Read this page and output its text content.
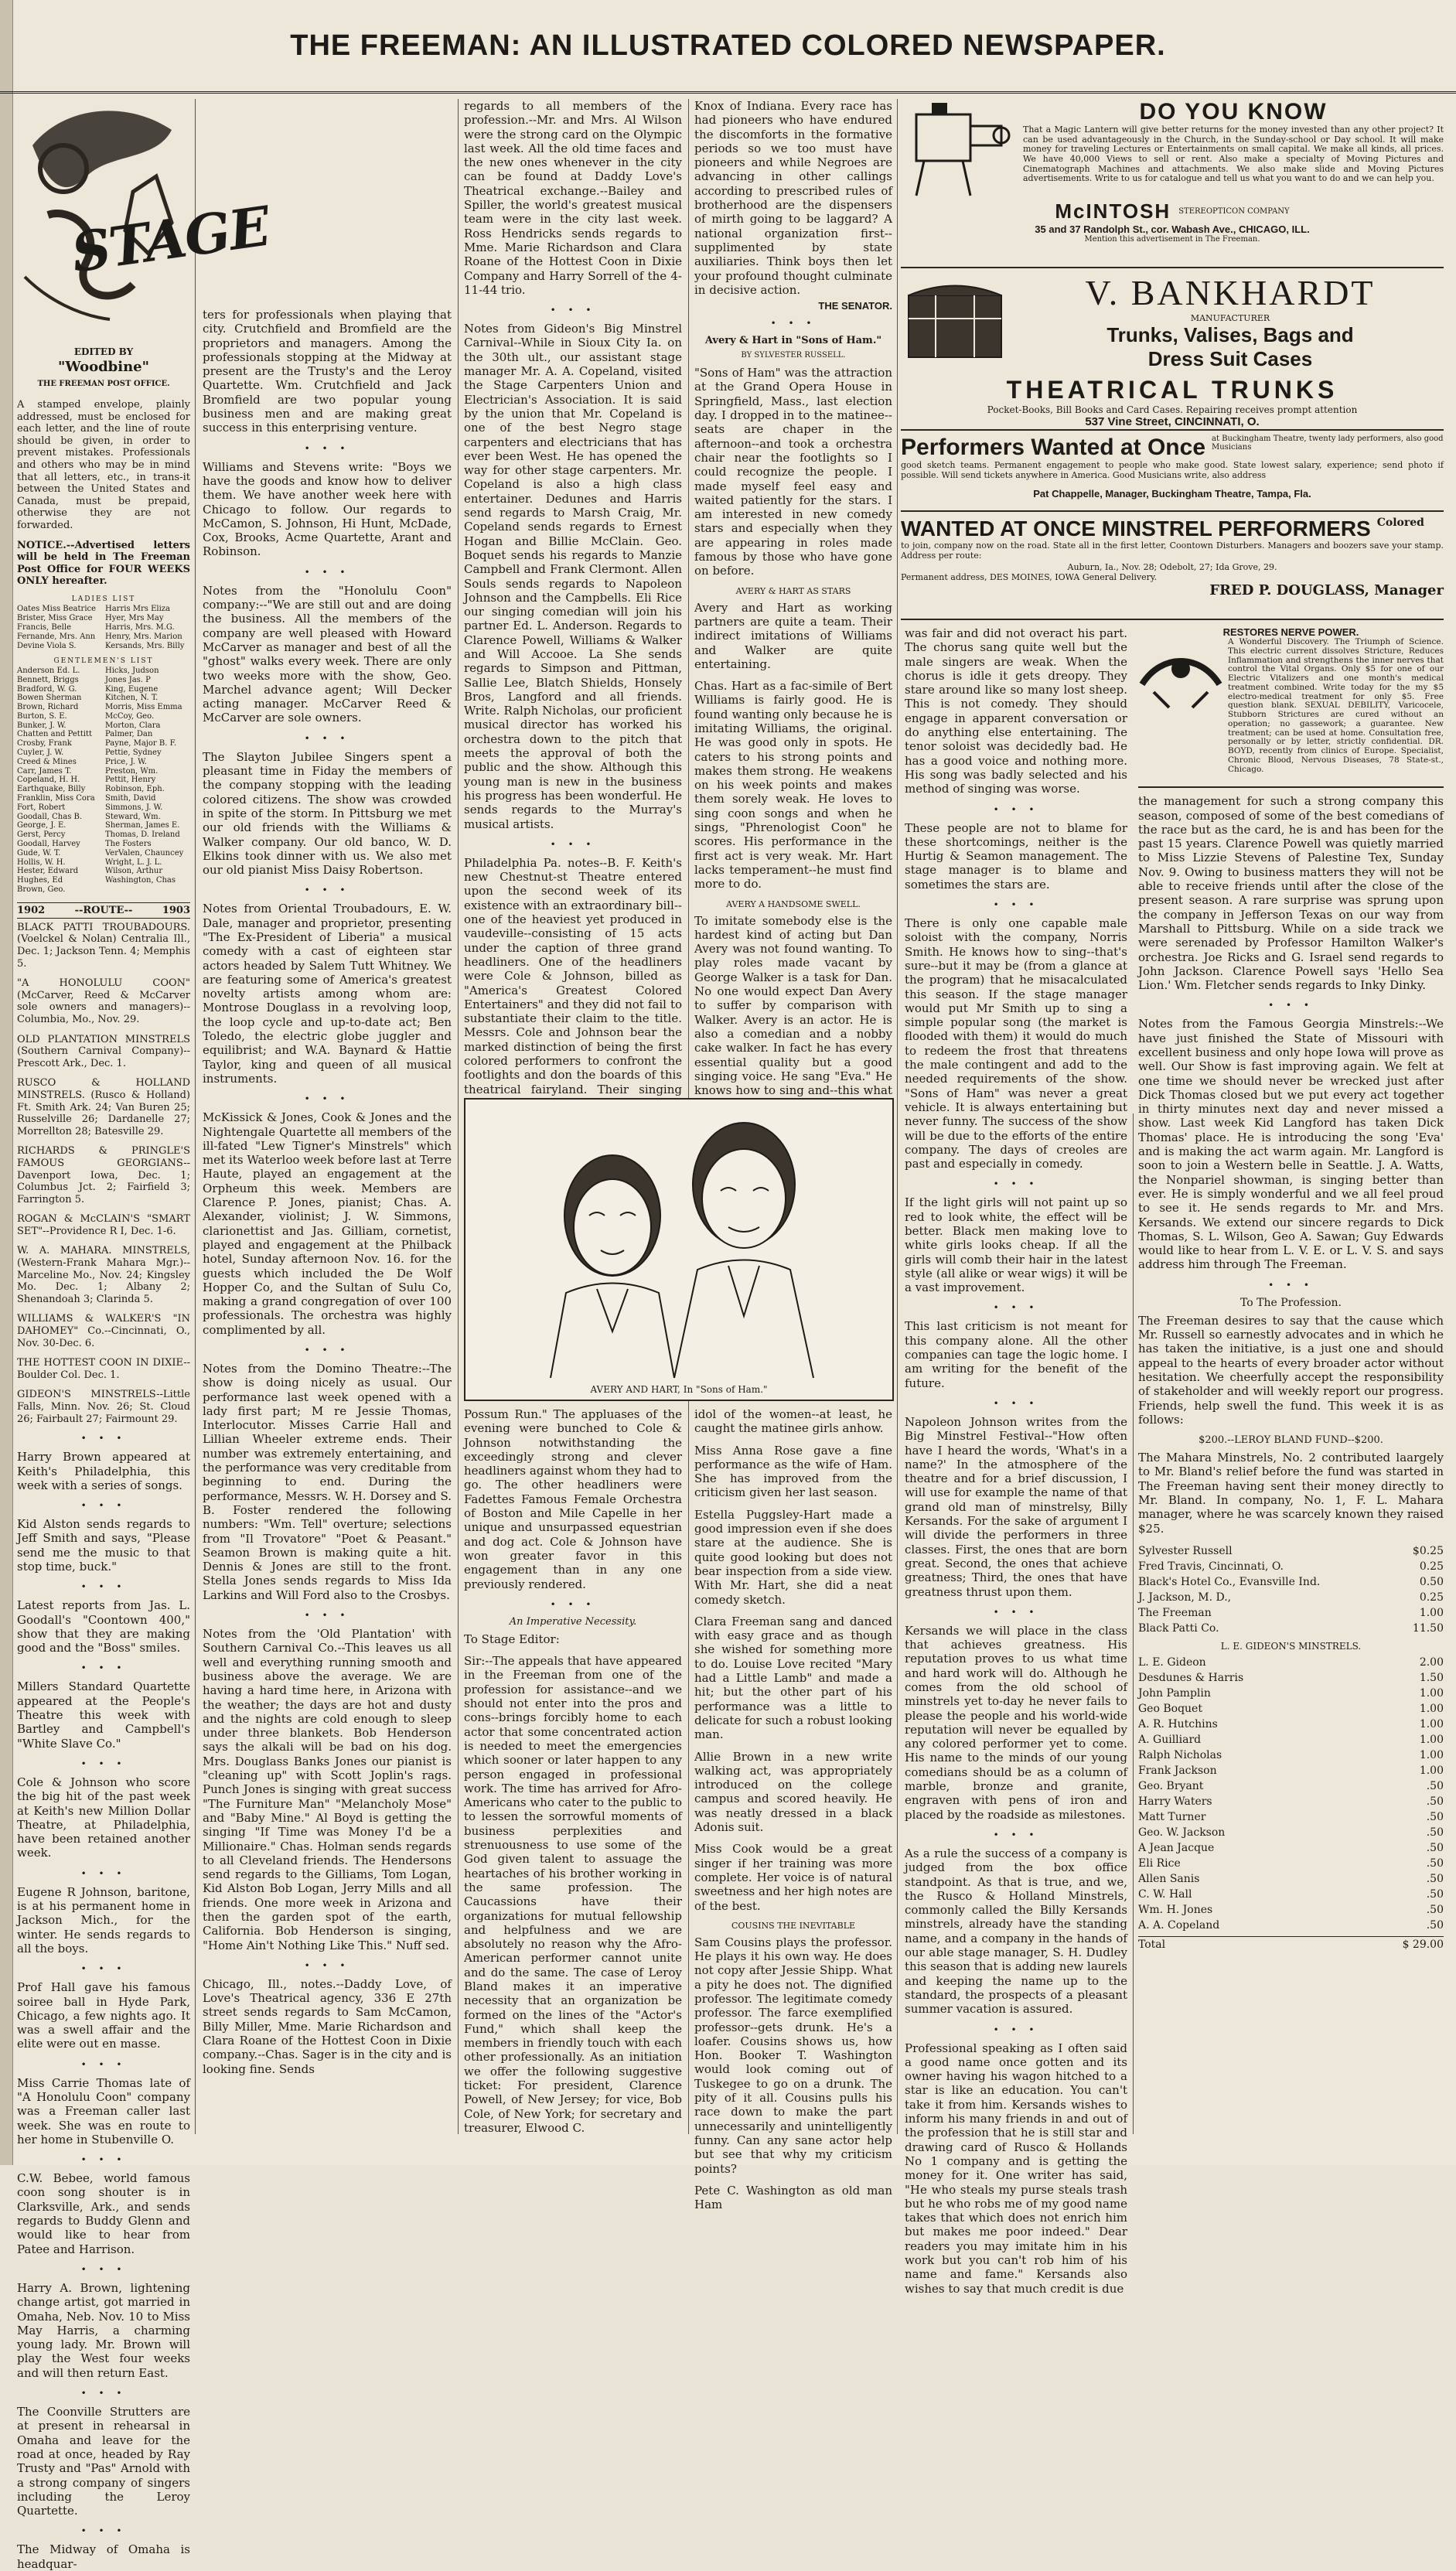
THE FREEMAN: AN ILLUSTRATED COLORED NEWSPAPER.
STAGE
EDITED BY
"Woodbine"
THE FREEMAN POST OFFICE.

A stamped envelope, plainly addressed, must be enclosed for each letter, and the line of route should be given, in order to prevent mistakes. Professionals and others who may be in mind that all letters, etc., in trans-it between the United States and Canada, must be prepaid, otherwise they are not forwarded.

NOTICE.--Advertised letters will be held in The Freeman Post Office for FOUR WEEKS ONLY hereafter.

LADIES LIST
Oates Miss Beatrice
Brister, Miss Grace
Francis, Belle
Fernande, Mrs. Ann
Devine Viola S.
Harris Mrs Eliza
Hyer, Mrs May
Harris, Mrs. M.G.
Henry, Mrs. Marion
Kersands, Mrs. Billy
GENTLEMEN'S LIST
Anderson Ed. L.
Bennett, Briggs
Bradford, W. G.
Bowen Sherman
Brown, Richard
Burton, S. E.
Bunker, J. W.
Chatten and Pettitt
Crosby, Frank
Cuyler, J. W.
Creed & Mines
Carr, James T.
Copeland, H. H.
Earthquake, Billy
Franklin, Miss Cora
Fort, Robert
Goodall, Chas B.
George, J. E.
Gerst, Percy
Goodall, Harvey
Gude, W. T.
Hollis, W. H.
Hester, Edward
Hughes, Ed
Brown, Geo.
Hicks, Judson
Jones Jas. P
King, Eugene
Kitchen, N. T.
Morris, Miss Emma
McCoy, Geo.
Morton, Clara
Palmer, Dan
Payne, Major B. F.
Pettie, Sydney
Price, J. W.
Preston, Wm.
Pettit, Henry
Robinson, Eph.
Smith, David
Simmons, J. W.
Steward, Wm.
Sherman, James E.
Thomas, D. Ireland
The Fosters
VerValen, Chauncey
Wright, L. J. L.
Wilson, Arthur
Washington, Chas
1902	--ROUTE--	1903

BLACK PATTI TROUBADOURS. (Voelckel & Nolan) Centralia Ill., Dec. 1; Jackson Tenn. 4; Memphis 5.

"A HONOLULU COON" (McCarver, Reed & McCarver sole owners and managers)--Columbia, Mo., Nov. 29.

OLD PLANTATION MINSTRELS (Southern Carnival Company)--Prescott Ark., Dec. 1.

RUSCO & HOLLAND MINSTRELS. (Rusco & Holland) Ft. Smith Ark. 24; Van Buren 25; Russelville 26; Dardanelle 27; Morrellton 28; Batesville 29.

RICHARDS & PRINGLE'S FAMOUS GEORGIANS--Davenport Iowa, Dec. 1; Columbus Jct. 2; Fairfield 3; Farrington 5.

ROGAN & McCLAIN'S "SMART SET"--Providence R I, Dec. 1-6.

W. A. MAHARA. MINSTRELS, (Western-Frank Mahara Mgr.)--Marceline Mo., Nov. 24; Kingsley Mo. Dec. 1; Albany 2; Shenandoah 3; Clarinda 5.

WILLIAMS & WALKER'S "IN DAHOMEY" Co.--Cincinnati, O., Nov. 30-Dec. 6.

THE HOTTEST COON IN DIXIE--Boulder Col. Dec. 1.

GIDEON'S MINSTRELS--Little Falls, Minn. Nov. 26; St. Cloud 26; Fairbault 27; Fairmount 29.

• • •

Harry Brown appeared at Keith's Philadelphia, this week with a series of songs.

• • •

Kid Alston sends regards to Jeff Smith and says, "Please send me the music to that stop time, buck."

• • •

Latest reports from Jas. L. Goodall's "Coontown 400," show that they are making good and the "Boss" smiles.

• • •

Millers Standard Quartette appeared at the People's Theatre this week with Bartley and Campbell's "White Slave Co."

• • •

Cole & Johnson who score the big hit of the past week at Keith's new Million Dollar Theatre, at Philadelphia, have been retained another week.

• • •

Eugene R Johnson, baritone, is at his permanent home in Jackson Mich., for the winter. He sends regards to all the boys.

• • •

Prof Hall gave his famous soiree ball in Hyde Park, Chicago, a few nights ago. It was a swell affair and the elite were out en masse.

• • •

Miss Carrie Thomas late of "A Honolulu Coon" company was a Freeman caller last week. She was en route to her home in Stubenville O.

• • •

C.W. Bebee, world famous coon song shouter is in Clarksville, Ark., and sends regards to Buddy Glenn and would like to hear from Patee and Harrison.

• • •

Harry A. Brown, lightening change artist, got married in Omaha, Neb. Nov. 10 to Miss May Harris, a charming young lady. Mr. Brown will play the West four weeks and will then return East.

• • •

The Coonville Strutters are at present in rehearsal in Omaha and leave for the road at once, headed by Ray Trusty and "Pas" Arnold with a strong company of singers including the Leroy Quartette.

• • •

The Midway of Omaha is headquar-

ters for professionals when playing that city. Crutchfield and Bromfield are the proprietors and managers. Among the professionals stopping at the Midway at present are the Trusty's and the Leroy Quartette. Wm. Crutchfield and Jack Bromfield are two popular young business men and are making great success in this enterprising venture.

• • •

Williams and Stevens write: "Boys we have the goods and know how to deliver them. We have another week here with Chicago to follow. Our regards to McCamon, S. Johnson, Hi Hunt, McDade, Cox, Brooks, Acme Quartette, Arant and Robinson.

• • •

Notes from the "Honolulu Coon" company:--"We are still out and are doing the business. All the members of the company are well pleased with Howard McCarver as manager and best of all the "ghost" walks every week. There are only two weeks more with the show, Geo. Marchel advance agent; Will Decker acting manager. McCarver Reed & McCarver are sole owners.

• • •

The Slayton Jubilee Singers spent a pleasant time in Fiday the members of the company stopping with the leading colored citizens. The show was crowded in spite of the storm. In Pittsburg we met our old friends with the Williams & Walker company. Our old banco, W. D. Elkins took dinner with us. We also met our old pianist Miss Daisy Robertson.

• • •

Notes from Oriental Troubadours, E. W. Dale, manager and proprietor, presenting "The Ex-President of Liberia" a musical comedy with a cast of eighteen star actors headed by Salem Tutt Whitney. We are featuring some of America's greatest novelty artists among whom are: Montrose Douglass in a revolving loop, the loop cycle and up-to-date act; Ben Toledo, the electric globe juggler and equilibrist; and W.A. Baynard & Hattie Taylor, king and queen of all musical instruments.

• • •

McKissick & Jones, Cook & Jones and the Nightengale Quartette all members of the ill-fated "Lew Tigner's Minstrels" which met its Waterloo week before last at Terre Haute, played an engagement at the Orpheum this week. Members are Clarence P. Jones, pianist; Chas. A. Alexander, violinist; J. W. Simmons, clarionettist and Jas. Gilliam, cornetist, played and engagement at the Philback hotel, Sunday afternoon Nov. 16. for the guests which included the De Wolf Hopper Co, and the Sultan of Sulu Co, making a grand congregation of over 100 professionals. The orchestra was highly complimented by all.

• • •

Notes from the Domino Theatre:--The show is doing nicely as usual. Our performance last week opened with a lady first part; M re Jessie Thomas, Interlocutor. Misses Carrie Hall and Lillian Wheeler extreme ends. Their number was extremely entertaining, and the performance was very creditable from beginning to end. During the performance, Messrs. W. H. Dorsey and S. B. Foster rendered the following numbers: "Wm. Tell" overture; selections from "Il Trovatore" "Poet & Peasant." Seamon Brown is making quite a hit. Dennis & Jones are still to the front. Stella Jones sends regards to Miss Ida Larkins and Will Ford also to the Crosbys.

• • •

Notes from the 'Old Plantation' with Southern Carnival Co.--This leaves us all well and everything running smooth and business above the average. We are having a hard time here, in Arizona with the weather; the days are hot and dusty and the nights are cold enough to sleep under three blankets. Bob Henderson says the alkali will be bad on his dog. Mrs. Douglass Banks Jones our pianist is "cleaning up" with Scott Joplin's rags. Punch Jones is singing with great success "The Furniture Man" "Melancholy Mose" and "Baby Mine." Al Boyd is getting the singing "If Time was Money I'd be a Millionaire." Chas. Holman sends regards to all Cleveland friends. The Hendersons send regards to the Gilliams, Tom Logan, Kid Alston Bob Logan, Jerry Mills and all friends. One more week in Arizona and then the garden spot of the earth, California. Bob Henderson is singing, "Home Ain't Nothing Like This." Nuff sed.

• • •

Chicago, Ill., notes.--Daddy Love, of Love's Theatrical agency, 336 E 27th street sends regards to Sam McCamon, Billy Miller, Mme. Marie Richardson and Clara Roane of the Hottest Coon in Dixie company.--Chas. Sager is in the city and is looking fine. Sends

regards to all members of the profession.--Mr. and Mrs. Al Wilson were the strong card on the Olympic last week. All the old time faces and the new ones whenever in the city can be found at Daddy Love's Theatrical exchange.--Bailey and Spiller, the world's greatest musical team were in the city last week. Ross Hendricks sends regards to Mme. Marie Richardson and Clara Roane of the Hottest Coon in Dixie Company and Harry Sorrell of the 4-11-44 trio.

• • •

Notes from Gideon's Big Minstrel Carnival--While in Sioux City Ia. on the 30th ult., our assistant stage manager Mr. A. A. Copeland, visited the Stage Carpenters Union and Electrician's Association. It is said by the union that Mr. Copeland is one of the best Negro stage carpenters and electricians that has ever been West. He has opened the way for other stage carpenters. Mr. Copeland is also a high class entertainer. Dedunes and Harris send regards to Marsh Craig, Mr. Copeland sends regards to Ernest Hogan and Billie McClain. Geo. Boquet sends his regards to Manzie Campbell and Frank Clermont. Allen Souls sends regards to Napoleon Johnson and the Campbells. Eli Rice our singing comedian will join his partner Ed. L. Anderson. Regards to Clarence Powell, Williams & Walker and Will Accooe. La She sends regards to Simpson and Pittman, Sallie Lee, Blatch Shields, Honsely Bros, Langford and all friends. Write. Ralph Nicholas, our proficient musical director has worked his orchestra down to the pitch that meets the approval of both the public and the show. Although this young man is new in the business his progress has been wonderful. He sends regards to the Murray's musical artists.

• • •

Philadelphia Pa. notes--B. F. Keith's new Chestnut-st Theatre entered upon the second week of its existence with an extraordinary bill--one of the heaviest yet produced in vaudeville--consisting of 15 acts under the caption of three grand headliners. One of the headliners were Cole & Johnson, billed as "America's Greatest Colored Entertainers" and they did not fail to substantiate their claim to the title. Messrs. Cole and Johnson bear the marked distinction of being the first colored performers to confront the footlights and don the boards of this theatrical fairyland. Their singing

Knox of Indiana. Every race has had pioneers who have endured the discomforts in the formative periods so we too must have pioneers and while Negroes are advancing in other callings according to prescribed rules of brotherhood are the dispensers of mirth going to be laggard? A national organization first--supplimented by state auxiliaries. Think boys then let your profound thought culminate in decisive action.

THE SENATOR.
• • •
Avery & Hart in "Sons of Ham."
BY SYLVESTER RUSSELL.

"Sons of Ham" was the attraction at the Grand Opera House in Springfield, Mass., last election day. I dropped in to the matinee--seats are chaper in the afternoon--and took a orchestra chair near the footlights so I could recognize the people. I made myself feel easy and waited patiently for the stars. I am interested in new comedy stars and especially when they are appearing in roles made famous by those who have gone on before.

AVERY & HART AS STARS

Avery and Hart as working partners are quite a team. Their indirect imitations of Williams and Walker are quite entertaining.

Chas. Hart as a fac-simile of Bert Williams is fairly good. He is found wanting only because he is imitating Williams, the original. He was good only in spots. He caters to his strong points and makes them strong. He weakens on his week points and makes them sorely weak. He loves to sing coon songs and when he sings, "Phrenologist Coon" he scores. His performance in the first act is very weak. Mr. Hart lacks temperament--he must find more to do.

AVERY A HANDSOME SWELL.

To imitate somebody else is the hardest kind of acting but Dan Avery was not found wanting. To play roles made vacant by George Walker is a task for Dan. No one would expect Dan Avery to suffer by comparison with Walker. Avery is an actor. He is also a comedian and a nobby cake walker. In fact he has every essential quality but a good singing voice. He sang "Eva." He knows how to sing and--this what

AVERY AND HART, In "Sons of Ham."

Possum Run." The appluases of the evening were bunched to Cole & Johnson notwithstanding the exceedingly strong and clever headliners against whom they had to go. The other headliners were Fadettes Famous Female Orchestra of Boston and Mile Capelle in her unique and unsurpassed equestrian and dog act. Cole & Johnson have won greater favor in this engagement than in any one previously rendered.

• • •
An Imperative Necessity.

To Stage Editor:

Sir:--The appeals that have appeared in the Freeman from one of the profession for assistance--and we should not enter into the pros and cons--brings forcibly home to each actor that some concentrated action is needed to meet the emergencies which sooner or later happen to any person engaged in professional work. The time has arrived for Afro-Americans who cater to the public to to lessen the sorrowful moments of business perplexities and strenuousness to use some of the God given talent to assuage the heartaches of his brother working in the same profession. The Caucassions have their organizations for mutual fellowship and helpfulness and we are absolutely no reason why the Afro-American performer cannot unite and do the same. The case of Leroy Bland makes it an imperative necessity that an organization be formed on the lines of the "Actor's Fund," which shall keep the members in friendly touch with each other professionally. As an initiation we offer the following suggestive ticket: For president, Clarence Powell, of New Jersey; for vice, Bob Cole, of New York; for secretary and treasurer, Elwood C.

idol of the women--at least, he caught the matinee girls anhow.

Miss Anna Rose gave a fine performance as the wife of Ham. She has improved from the criticism given her last season.

Estella Puggsley-Hart made a good impression even if she does stare at the audience. She is quite good looking but does not bear inspection from a side view. With Mr. Hart, she did a neat comedy sketch.

Clara Freeman sang and danced with easy grace and as though she wished for something more to do. Louise Love recited "Mary had a Little Lamb" and made a hit; but the other part of his performance was a little to delicate for such a robust looking man.

Allie Brown in a new write walking act, was appropriately introduced on the college campus and scored heavily. He was neatly dressed in a black Adonis suit.

Miss Cook would be a great singer if her training was more complete. Her voice is of natural sweetness and her high notes are of the best.

COUSINS THE INEVITABLE

Sam Cousins plays the professor. He plays it his own way. He does not copy after Jessie Shipp. What a pity he does not. The dignified professor. The legitimate comedy professor. The farce exemplified professor--gets drunk. He's a loafer. Cousins shows us, how Hon. Booker T. Washington would look coming out of Tuskegee to go on a drunk. The pity of it all. Cousins pulls his race down to make the part unnecessarily and unintelligently funny. Can any sane actor help but see that why my criticism points?

Pete C. Washington as old man Ham

DO YOU KNOW

That a Magic Lantern will give better returns for the money invested than any other project? It can be used advantageously in the Church, in the Sunday-school or Day school. It will make money for traveling Lectures or Entertainments on small capital. We make all kinds, all prices. We have 40,000 Views to sell or rent. Also make a specialty of Moving Pictures and Cinematograph Machines and attachments. We also make slide and Moving Pictures advertisements. Write to us for catalogue and tell us what you want to do and we can help you.

McINTOSH STEREOPTICON COMPANY
35 and 37 Randolph St., cor. Wabash Ave., CHICAGO, ILL.
Mention this advertisement in The Freeman.
V. BANKHARDT
MANUFACTURER
Trunks, Valises, Bags and
Dress Suit Cases
THEATRICAL TRUNKS
Pocket-Books, Bill Books and Card Cases. Repairing receives prompt attention
537 Vine Street, CINCINNATI, O.
Performers Wanted at Once at Buckingham Theatre, twenty lady performers, also good Musicians

good sketch teams. Permanent engagement to people who make good. State lowest salary, experience; send photo if possible. Will send tickets anywhere in America. Good Musicians write, also address

Pat Chappelle, Manager, Buckingham Theatre, Tampa, Fla.
WANTED AT ONCE MINSTREL PERFORMERS Colored

to join, company now on the road. State all in the first letter, Coontown Disturbers. Managers and boozers save your stamp. Address per route:

Auburn, Ia., Nov. 28; Odebolt, 27; Ida Grove, 29.
Permanent address, DES MOINES, IOWA General Delivery.
FRED P. DOUGLASS, Manager

was fair and did not overact his part. The chorus sang quite well but the male singers are weak. When the chorus is idle it gets dreopy. They stare around like so many lost sheep. This is not comedy. They should engage in apparent conversation or do anything else entertaining. The tenor soloist was decidedly bad. He has a good voice and nothing more. His song was badly selected and his method of singing was worse.

• • •

These people are not to blame for these shortcomings, neither is the Hurtig & Seamon management. The stage manager is to blame and sometimes the stars are.

• • •

There is only one capable male soloist with the company, Norris Smith. He knows how to sing--that's sure--but it may be (from a glance at the program) that he misacalculated this season. If the stage manager would put Mr Smith up to sing a simple popular song (the market is flooded with them) it would do much to redeem the frost that threatens the male contingent and add to the needed requirements of the show. "Sons of Ham" was never a great vehicle. It is always entertaining but never funny. The success of the show will be due to the efforts of the entire company. The days of creoles are past and especially in comedy.

• • •

If the light girls will not paint up so red to look white, the effect will be better. Black men making love to white girls looks cheap. If all the girls will comb their hair in the latest style (all alike or wear wigs) it will be a vast improvement.

• • •

This last criticism is not meant for this company alone. All the other companies can tage the logic home. I am writing for the benefit of the future.

• • •

Napoleon Johnson writes from the Big Minstrel Festival--"How often have I heard the words, 'What's in a name?' In the atmosphere of the theatre and for a brief discussion, I will use for example the name of that grand old man of minstrelsy, Billy Kersands. For the sake of argument I will divide the performers in three classes. First, the ones that are born great. Second, the ones that achieve greatness; Third, the ones that have greatness thrust upon them.

• • •

Kersands we will place in the class that achieves greatness. His reputation proves to us what time and hard work will do. Although he comes from the old school of minstrels yet to-day he never fails to please the people and his world-wide reputation will never be equalled by any colored performer yet to come. His name to the minds of our young comedians should be as a column of marble, bronze and granite, engraven with pens of iron and placed by the roadside as milestones.

• • •

As a rule the success of a company is judged from the box office standpoint. As that is true, and we, the Rusco & Holland Minstrels, commonly called the Billy Kersands minstrels, already have the standing name, and a company in the hands of our able stage manager, S. H. Dudley this season that is adding new laurels and keeping the name up to the standard, the prospects of a pleasant summer vacation is assured.

• • •

Professional speaking as I often said a good name once gotten and its owner having his wagon hitched to a star is like an education. You can't take it from him. Kersands wishes to inform his many friends in and out of the profession that he is still star and drawing card of Rusco & Hollands No 1 company and is getting the money for it. One writer has said, "He who steals my purse steals trash but he who robs me of my good name takes that which does not enrich him but makes me poor indeed." Dear readers you may imitate him in his work but you can't rob him of his name and fame." Kersands also wishes to say that much credit is due

RESTORES NERVE POWER.

A Wonderful Discovery. The Triumph of Science. This electric current dissolves Stricture, Reduces Inflammation and strengthens the inner nerves that control the Vital Organs. Only $5 for one of our Electric Vitalizers and one month's medical treatment combined. Write today for the my $5 electro-medical treatment for only $5. Free question blank. SEXUAL DEBILITY, Varicocele, Stubborn Strictures are cured without an operation; no gassework; a guarantee. New treatment; can be used at home. Consultation free, personally or by letter, strictly confidential. DR. BOYD, recently from clinics of Europe. Specialist, Chronic Blood, Nervous Diseases, 78 State-st., Chicago.

the management for such a strong company this season, composed of some of the best comedians of the race but as the card, he is and has been for the past 15 years. Clarence Powell was quietly married to Miss Lizzie Stevens of Palestine Tex, Sunday Nov. 9. Owing to business matters they will not be able to receive friends until after the close of the present season. A rare surprise was sprung upon the company in Jefferson Texas on our way from Marshall to Pittsburg. While on a side track we were serenaded by Professor Hamilton Walker's orchestra. Joe Ricks and G. Israel send regards to John Jackson. Clarence Powell says 'Hello Sea Lion.' Wm. Fletcher sends regards to Inky Dinky.

• • •

Notes from the Famous Georgia Minstrels:--We have just finished the State of Missouri with excellent business and only hope Iowa will prove as well. Our Show is fast improving again. We felt at one time we should never be wrecked just after Dick Thomas closed but we put every act together in thirty minutes next day and never missed a show. Last week Kid Langford has taken Dick Thomas' place. He is introducing the song 'Eva' and is making the act warm again. Mr. Langford is soon to join a Western belle in Seattle. J. A. Watts, the Nonpariel showman, is singing better than ever. He is simply wonderful and we all feel proud to see it. He sends regards to Mr. and Mrs. Kersands. We extend our sincere regards to Dick Thomas, S. L. Wilson, Geo A. Sawan; Guy Edwards would like to hear from L. V. E. or L. V. S. and says address him through The Freeman.

• • •
To The Profession.

The Freeman desires to say that the cause which Mr. Russell so earnestly advocates and in which he has taken the initiative, is a just one and should appeal to the hearts of every broader actor without hesitation. We cheerfully accept the responsibility of stakeholder and will weekly report our progress. Friends, help swell the fund. This week it is as follows:

$200.--LEROY BLAND FUND--$200.

The Mahara Minstrels, No. 2 contributed laargely to Mr. Bland's relief before the fund was started in The Freeman having sent their money directly to Mr. Bland. In company, No. 1, F. L. Mahara manager, where he was scarcely known they raised $25.

Sylvester Russell	$0.25
Fred Travis, Cincinnati, O.	0.25
Black's Hotel Co., Evansville Ind.	0.50
J. Jackson, M. D.,	0.25
The Freeman	1.00
Black Patti Co.	11.50
L. E. GIDEON'S MINSTRELS.
L. E. Gideon	2.00
Desdunes & Harris	1.50
John Pamplin	1.00
Geo Boquet	1.00
A. R. Hutchins	1.00
A. Guilliard	1.00
Ralph Nicholas	1.00
Frank Jackson	1.00
Geo. Bryant	.50
Harry Waters	.50
Matt Turner	.50
Geo. W. Jackson	.50
A Jean Jacque	.50
Eli Rice	.50
Allen Sanis	.50
C. W. Hall	.50
Wm. H. Jones	.50
A. A. Copeland	.50
Total	$ 29.00
